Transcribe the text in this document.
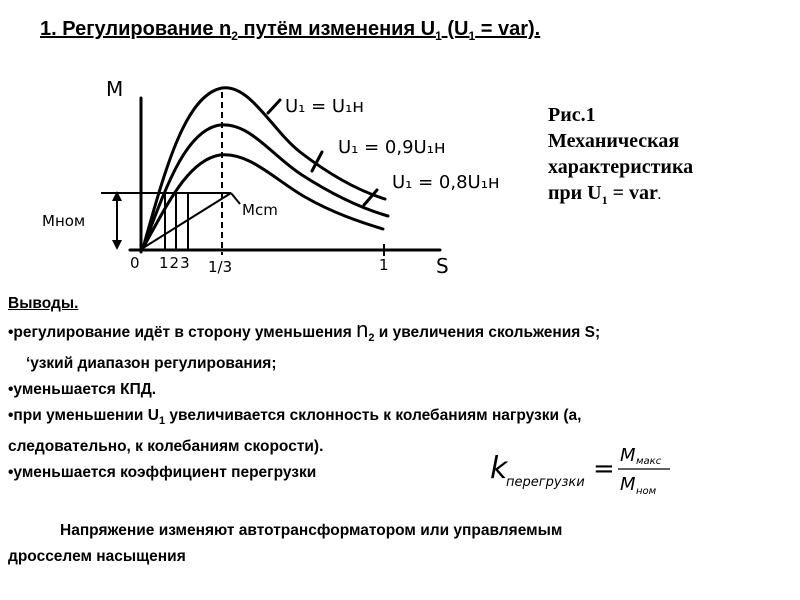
1. Регулирование $n_2$ путём изменения $U_1$ $(U_1 = var)$.
M
S
Mном
Mcm
U₁ = U₁н
U₁ = 0,9U₁н
U₁ = 0,8U₁н
0 123 1/3	1
Рис.1
Механическая
характеристика
при $U_1$ = var.
Выводы.
•регулирование идёт в сторону уменьшения $n_2$ и увеличения скольжения S;
‘узкий диапазон регулирования;
•уменьшается КПД.
•при уменьшении $U_1$ увеличивается склонность к колебаниям нагрузки (а,
следовательно, к колебаниям скорости).
•уменьшается коэффициент перегрузки	k
перегрузки = M макс
M ном
Напряжение изменяют автотрансформатором или управляемым
дросселем насыщения
